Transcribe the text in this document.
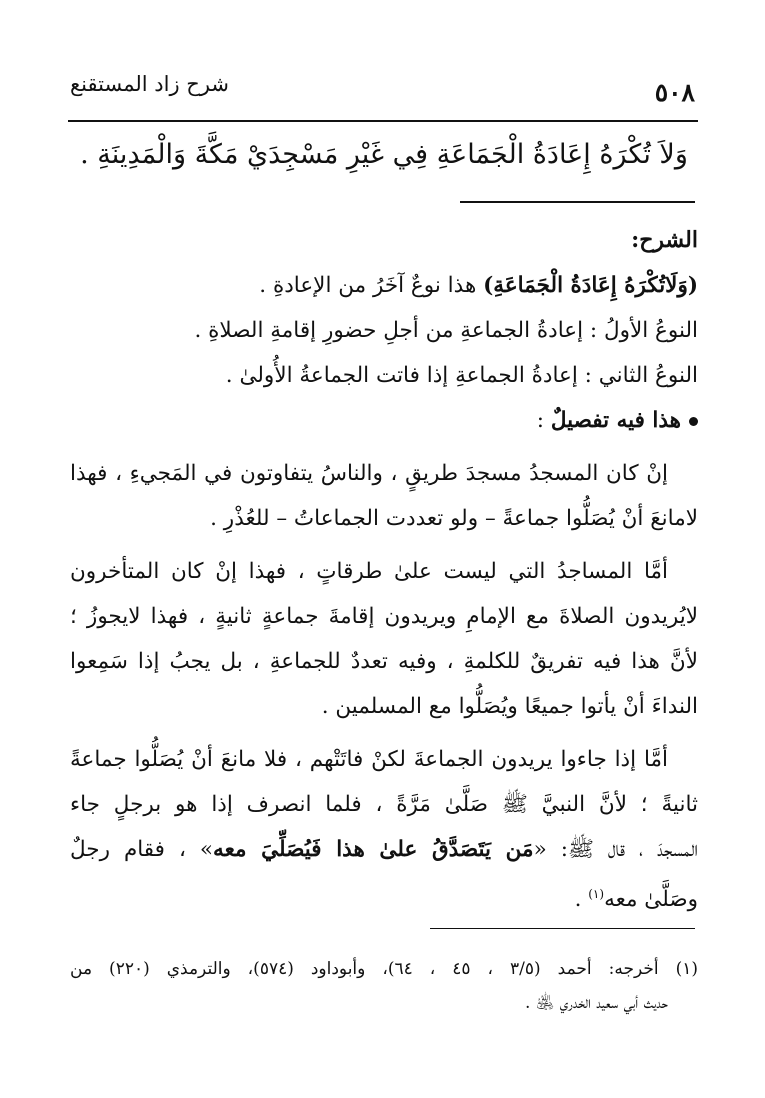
٥٠٨
شرح زاد المستقنع
وَلاَ تُكْرَهُ إِعَادَةُ الْجَمَاعَةِ فِي غَيْرِ مَسْجِدَيْ مَكَّةَ وَالْمَدِينَةِ .
الشرح:
(وَلَاتُكْرَهُ إِعَادَةُ الْجَمَاعَةِ) هذا نوعٌ آخَرُ من الإعادةِ .
النوعُ الأولُ : إعادةُ الجماعةِ من أجلِ حضورِ إقامةِ الصلاةِ .
النوعُ الثاني : إعادةُ الجماعةِ إذا فاتت الجماعةُ الأُولىٰ .
هذا فيه تفصيلٌ :
إنْ كان المسجدُ مسجدَ طريقٍ ، والناسُ يتفاوتون في المَجيءِ ، فهذا
لامانعَ أنْ يُصَلُّوا جماعةً – ولو تعددت الجماعاتُ – للعُذْرِ .
أمَّا المساجدُ التي ليست علىٰ طرقاتٍ ، فهذا إنْ كان المتأخرون
لايُريدون الصلاةَ مع الإمامِ ويريدون إقامةَ جماعةٍ ثانيةٍ ، فهذا لايجوزُ ؛
لأنَّ هذا فيه تفريقٌ للكلمةِ ، وفيه تعددٌ للجماعةِ ، بل يجبُ إذا سَمِعوا
النداءَ أنْ يأتوا جميعًا ويُصَلُّوا مع المسلمين .
أمَّا إذا جاءوا يريدون الجماعةَ لكنْ فاتَتْهم ، فلا مانعَ أنْ يُصَلُّوا جماعةً
ثانيةً ؛ لأنَّ النبيَّ ﷺ صَلَّىٰ مَرَّةً ، فلما انصرف إذا هو برجلٍ جاء
المسجدَ ، قال ﷺ: «مَن يَتَصَدَّقُ علىٰ هذا فَيُصَلِّيَ معه» ، فقام رجلٌ
وصَلَّىٰ معه$^{(١)}$ .
(١) أخرجه: أحمد (٣/٥ ، ٤٥ ، ٦٤)، وأبوداود (٥٧٤)، والترمذي (٢٢٠) من
حديث أبي سعيد الخدري ﵁ .
